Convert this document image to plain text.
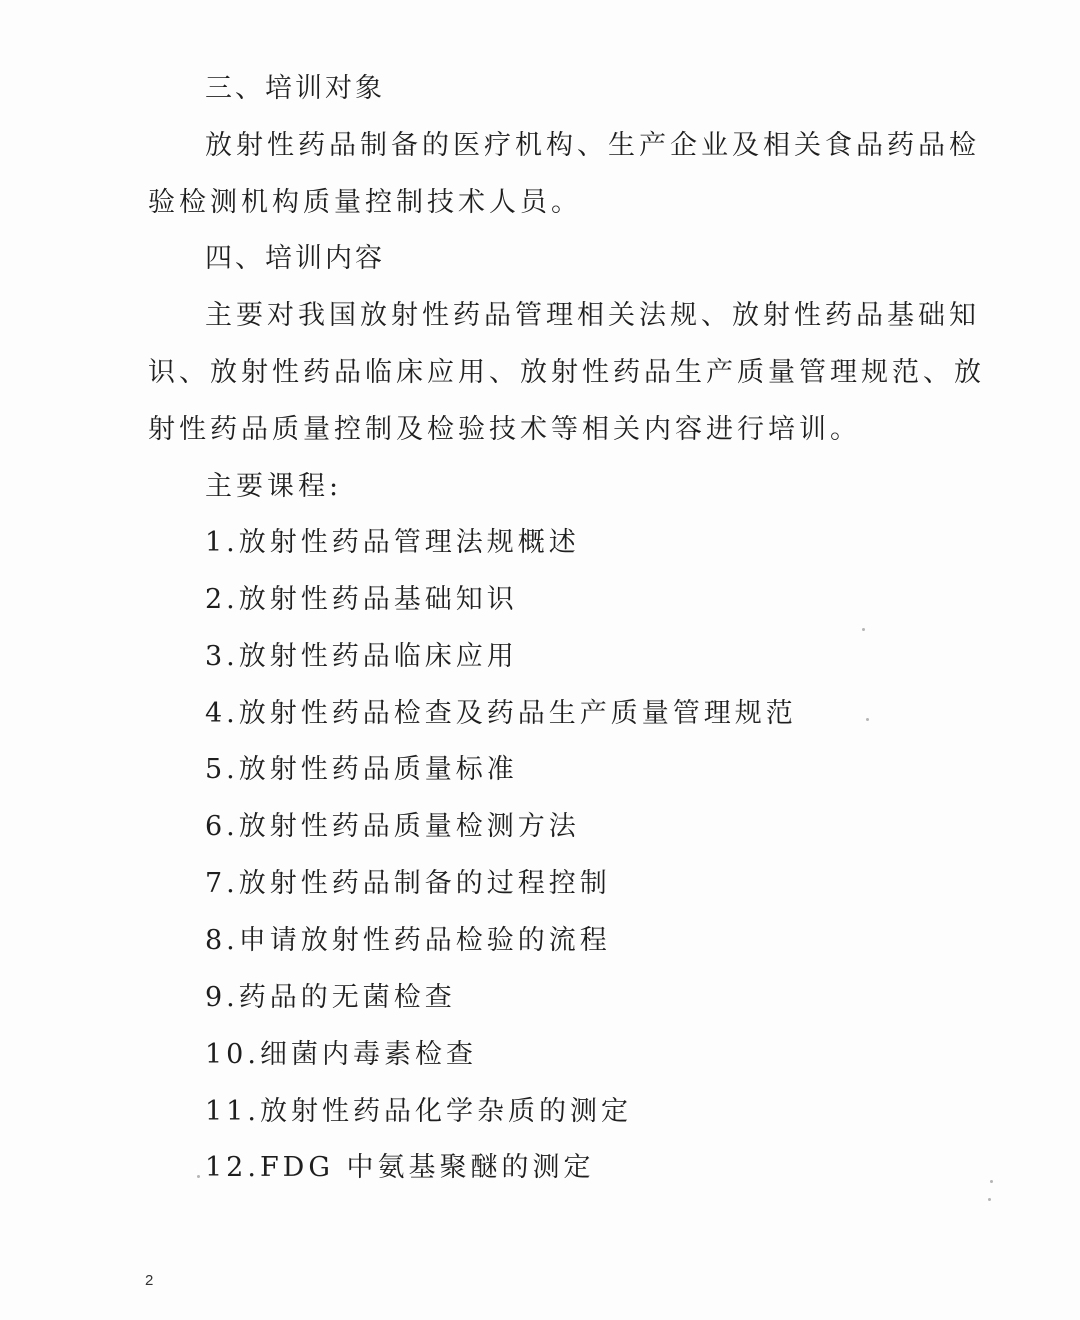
三、培训对象
放射性药品制备的医疗机构、生产企业及相关食品药品检
验检测机构质量控制技术人员。
四、培训内容
主要对我国放射性药品管理相关法规、放射性药品基础知
识、放射性药品临床应用、放射性药品生产质量管理规范、放
射性药品质量控制及检验技术等相关内容进行培训。
主要课程:
1.放射性药品管理法规概述
2.放射性药品基础知识
3.放射性药品临床应用
4.放射性药品检查及药品生产质量管理规范
5.放射性药品质量标准
6.放射性药品质量检测方法
7.放射性药品制备的过程控制
8.申请放射性药品检验的流程
9.药品的无菌检查
10.细菌内毒素检查
11.放射性药品化学杂质的测定
12.FDG 中氨基聚醚的测定
2
